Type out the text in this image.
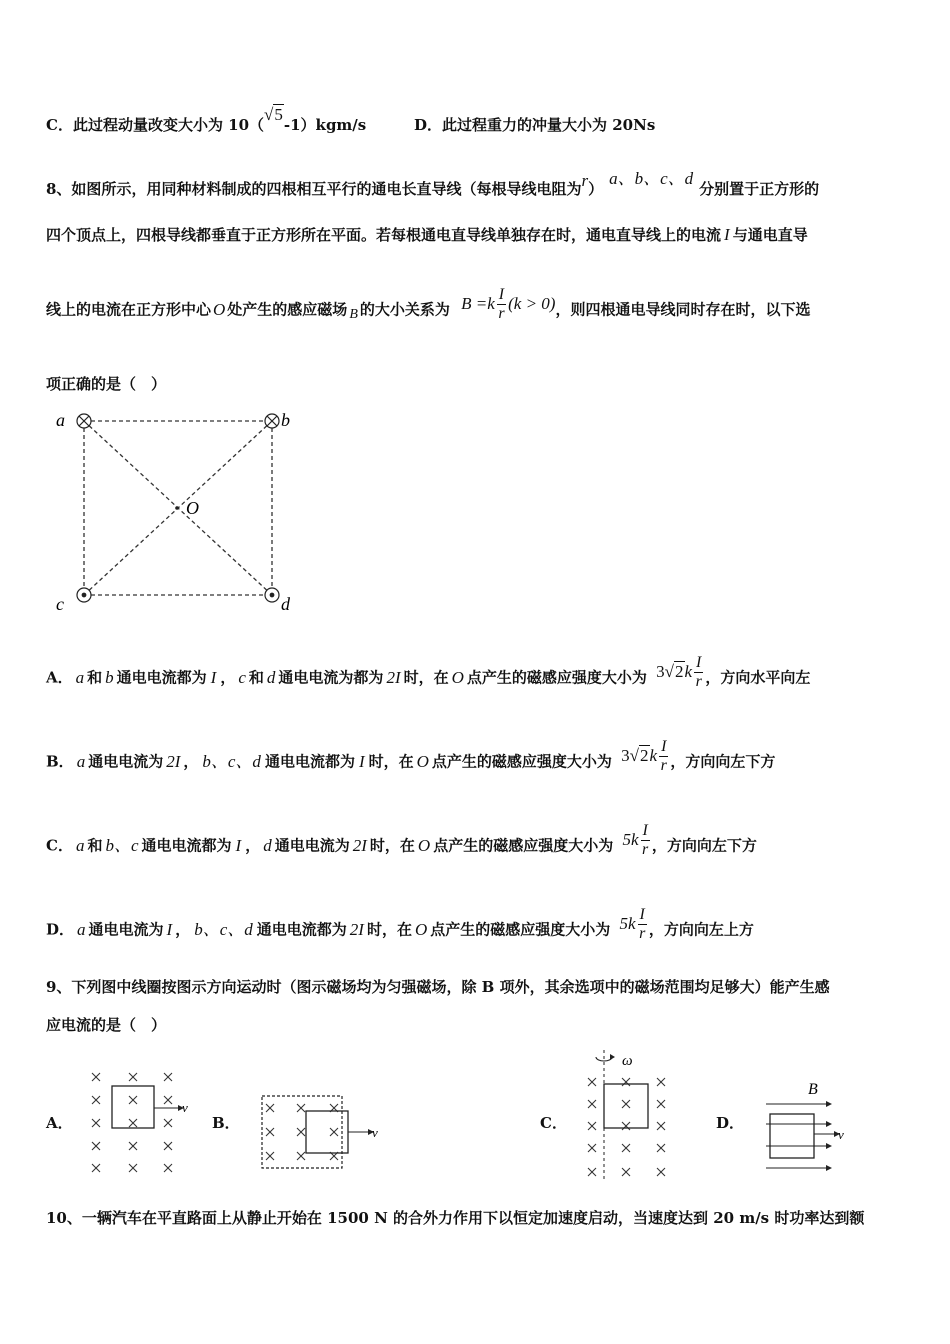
C．此过程动量改变大小为 10（√5-1）kgm/s	D．此过程重力的冲量大小为 20Ns
8、如图所示，用同种材料制成的四根相互平行的通电长直导线（每根导线电阻为r）a、b、c、d分别置于正方形的
四个顶点上，四根导线都垂直于正方形所在平面。若每根通电直导线单独存在时，通电直导线上的电流 I 与通电直导
线上的电流在正方形中心 O 处产生的感应磁场 B 的大小关系为 $B =k \frac{I}{r} (k > 0)$，则四根通电导线同时存在时，以下选
项正确的是（　）
a	b
c	d
O
A． a 和 b 通电电流都为 I ， c 和 d 通电电流为都为 2I 时，在 O 点产生的磁感应强度大小为 $3√2k \frac{I}{r}$ ，方向水平向左
B． a 通电电流为 2I ， b、c、d 通电电流都为 I 时，在 O 点产生的磁感应强度大小为 $3√2k \frac{I}{r}$ ，方向向左下方
C． a 和 b、c 通电电流都为 I ， d 通电电流为 2I 时，在 O 点产生的磁感应强度大小为 $5k \frac{I}{r}$ ，方向向左下方
D． a 通电电流为 I ， b、c、d 通电电流都为 2I 时，在 O 点产生的磁感应强度大小为 $5k \frac{I}{r}$ ，方向向左上方
9、下列图中线圈按图示方向运动时（图示磁场均为匀强磁场，除 B 项外，其余选项中的磁场范围均足够大）能产生感
应电流的是（　）
A．
v
B．
v
C．
ω
D．
B
v
10、一辆汽车在平直路面上从静止开始在 1500 N 的合外力作用下以恒定加速度启动，当速度达到 20 m/s 时功率达到额
